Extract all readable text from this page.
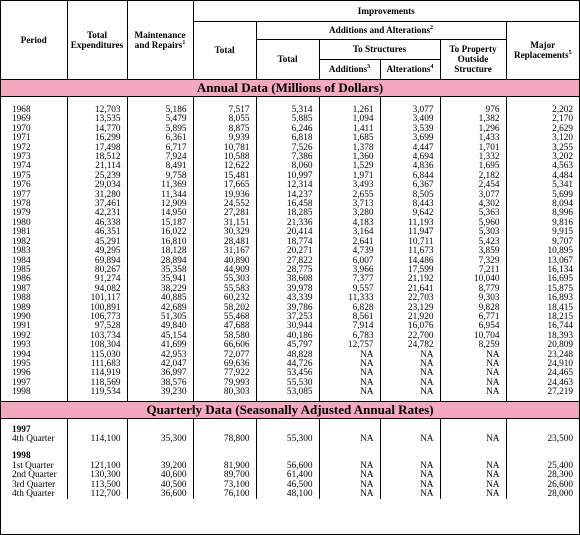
Period	Total Expenditures	Maintenance and Repairs$^1$	Improvements					
			Total	Additions and Alterations$^2$				Major Replacements$^5$
				Total	To Structures		To Property Outside Structure	
					Additions$^3$	Alterations$^4$
Annual Data (Millions of Dollars)								

1968	12,703	5,186	7,517	5,314	1,261	3,077	976	2,202
1969	13,535	5,479	8,055	5,885	1,094	3,409	1,382	2,170
1970	14,770	5,895	8,875	6,246	1,411	3,539	1,296	2,629
1971	16,299	6,361	9,939	6,818	1,685	3,699	1,433	3,120
1972	17,498	6,717	10,781	7,526	1,378	4,447	1,701	3,255
1973	18,512	7,924	10,588	7,386	1,360	4,694	1,332	3,202
1974	21,114	8,491	12,622	8,060	1,529	4,836	1,695	4,563
1975	25,239	9,758	15,481	10,997	1,971	6,844	2,182	4,484
1976	29,034	11,369	17,665	12,314	3,493	6,367	2,454	5,341
1977	31,280	11,344	19,936	14,237	2,655	8,505	3,077	5,699
1978	37,461	12,909	24,552	16,458	3,713	8,443	4,302	8,094
1979	42,231	14,950	27,281	18,285	3,280	9,642	5,363	8,996
1980	46,338	15,187	31,151	21,336	4,183	11,193	5,960	9,816
1981	46,351	16,022	30,329	20,414	3,164	11,947	5,303	9,915
1982	45,291	16,810	28,481	18,774	2,641	10,711	5,423	9,707
1983	49,295	18,128	31,167	20,271	4,739	11,673	3,859	10,895
1984	69,894	28,894	40,890	27,822	6,007	14,486	7,329	13,067
1985	80,267	35,358	44,909	28,775	3,966	17,599	7,211	16,134
1986	91,274	35,941	55,303	38,608	7,377	21,192	10,040	16,695
1987	94,082	38,229	55,583	39,978	9,557	21,641	8,779	15,875
1988	101,117	40,885	60,232	43,339	11,333	22,703	9,303	16,893
1989	100,891	42,689	58,202	39,786	6,828	23,129	9,828	18,415
1990	106,773	51,305	55,468	37,253	8,561	21,920	6,771	18,215
1991	97,528	49,840	47,688	30,944	7,914	16,076	6,954	16,744
1992	103,734	45,154	58,580	40,186	6,783	22,700	10,704	18,393
1993	108,304	41,699	66,606	45,797	12,757	24,782	8,259	20,809
1994	115,030	42,953	72,077	48,828	NA	NA	NA	23,248
1995	111,683	42,047	69,636	44,726	NA	NA	NA	24,910
1996	114,919	36,997	77,922	53,456	NA	NA	NA	24,465
1997	118,569	38,576	79,993	55,530	NA	NA	NA	24,463
1998	119,534	39,230	80,303	53,085	NA	NA	NA	27,219

Quarterly Data (Seasonally Adjusted Annual Rates)								

1997								
4th Quarter	114,100	35,300	78,800	55,300	NA	NA	NA	23,500

1998								
1st Quarter	121,100	39,200	81,900	56,600	NA	NA	NA	25,400
2nd Quarter	130,300	40,600	89,700	61,400	NA	NA	NA	28,300
3rd Quarter	113,500	40,500	73,100	46,500	NA	NA	NA	26,600
4th Quarter	112,700	36,600	76,100	48,100	NA	NA	NA	28,000
